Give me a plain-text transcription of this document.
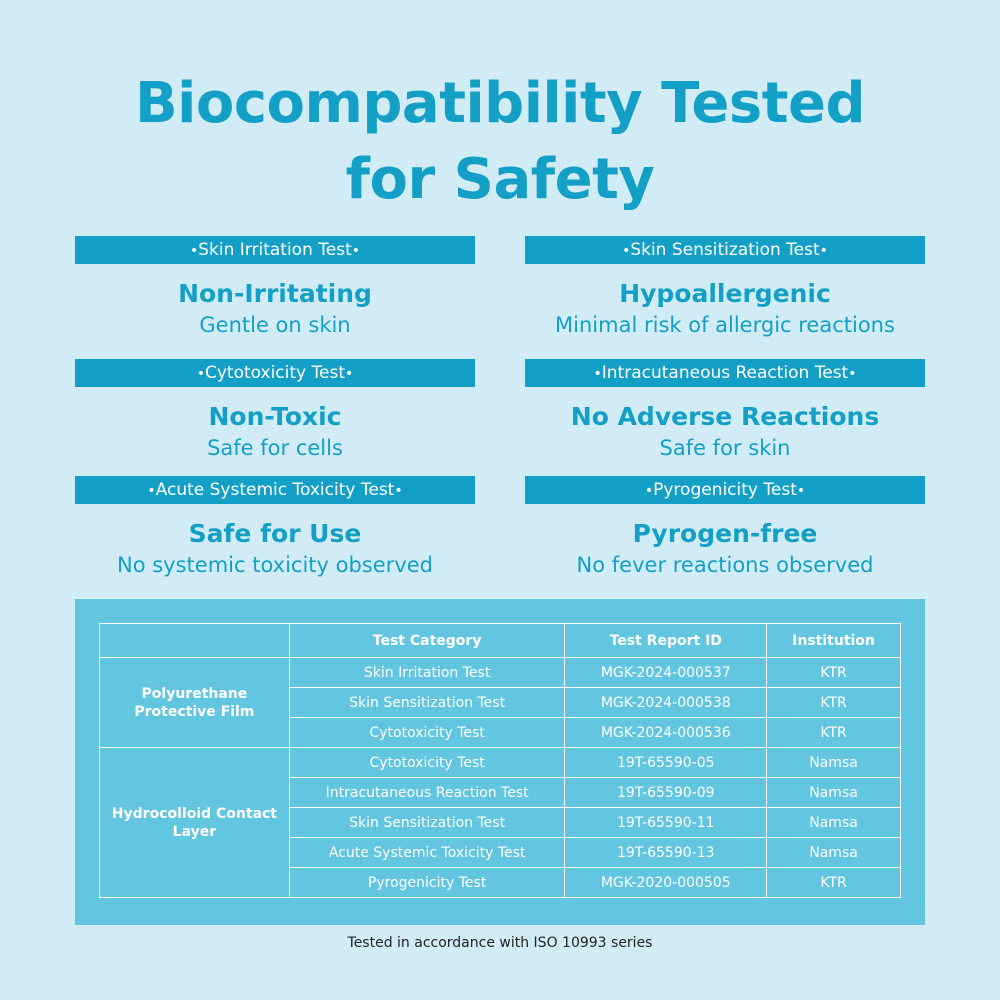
Biocompatibility Tested
for Safety
•Skin Irritation Test•
Non-Irritating
Gentle on skin
•Skin Sensitization Test•
Hypoallergenic
Minimal risk of allergic reactions
•Cytotoxicity Test•
Non-Toxic
Safe for cells
•Intracutaneous Reaction Test•
No Adverse Reactions
Safe for skin
•Acute Systemic Toxicity Test•
Safe for Use
No systemic toxicity observed
•Pyrogenicity Test•
Pyrogen-free
No fever reactions observed
	Test Category	Test Report ID	Institution
Polyurethane Protective Film	Skin Irritation Test	MGK-2024-000537	KTR
	Skin Sensitization Test	MGK-2024-000538	KTR
	Cytotoxicity Test	MGK-2024-000536	KTR
Hydrocolloid Contact Layer	Cytotoxicity Test	19T-65590-05	Namsa
	Intracutaneous Reaction Test	19T-65590-09	Namsa
	Skin Sensitization Test	19T-65590-11	Namsa
	Acute Systemic Toxicity Test	19T-65590-13	Namsa
	Pyrogenicity Test	MGK-2020-000505	KTR
Tested in accordance with ISO 10993 series
